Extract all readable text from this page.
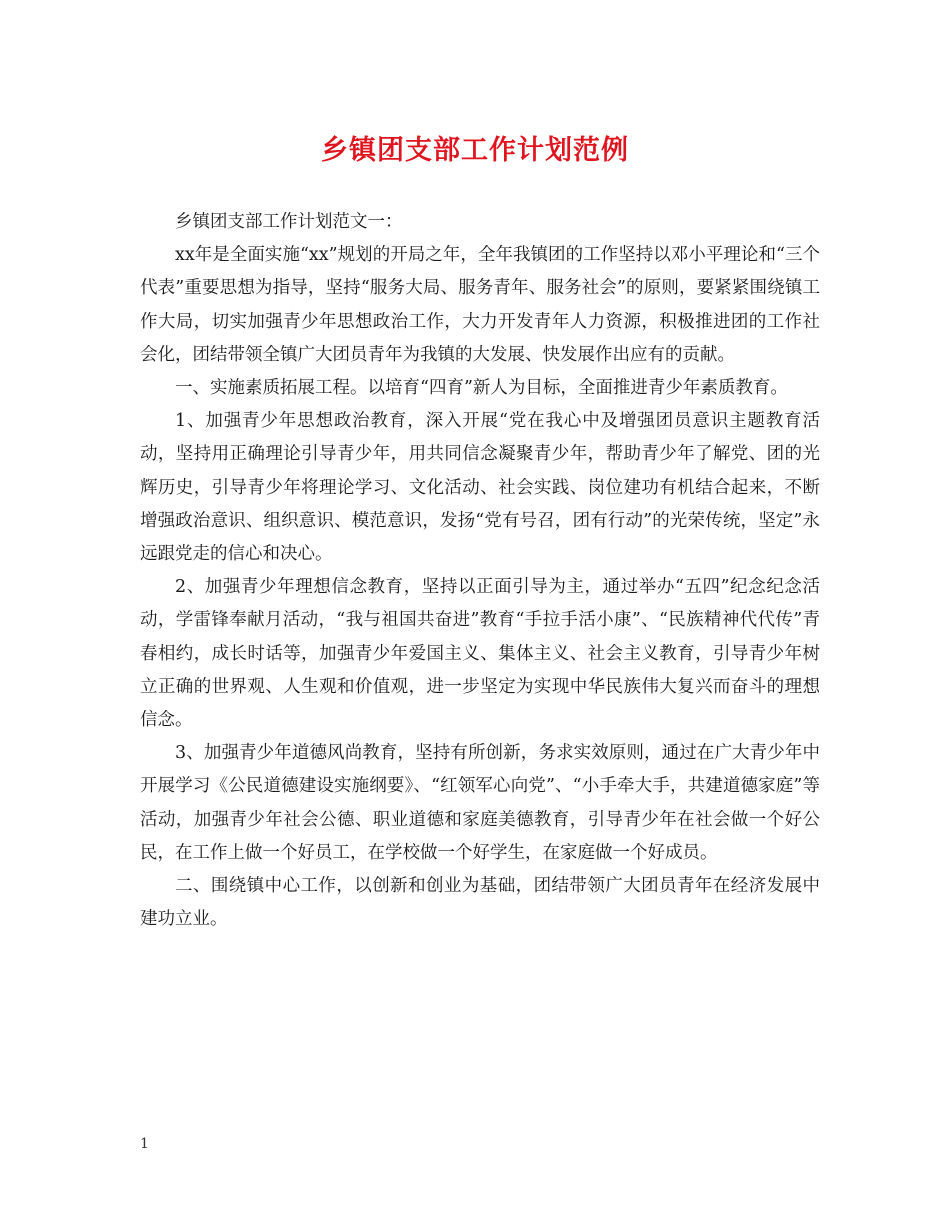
乡镇团支部工作计划范例

乡镇团支部工作计划范文一：

xx年是全面实施“xx”规划的开局之年，全年我镇团的工作坚持以邓小平理论和“三个代表”重要思想为指导，坚持“服务大局、服务青年、服务社会”的原则，要紧紧围绕镇工作大局，切实加强青少年思想政治工作，大力开发青年人力资源，积极推进团的工作社会化，团结带领全镇广大团员青年为我镇的大发展、快发展作出应有的贡献。

一、实施素质拓展工程。以培育“四育”新人为目标，全面推进青少年素质教育。

1、加强青少年思想政治教育，深入开展“党在我心中及增强团员意识主题教育活动，坚持用正确理论引导青少年，用共同信念凝聚青少年，帮助青少年了解党、团的光辉历史，引导青少年将理论学习、文化活动、社会实践、岗位建功有机结合起来，不断增强政治意识、组织意识、模范意识，发扬“党有号召，团有行动”的光荣传统，坚定”永远跟党走的信心和决心。

2、加强青少年理想信念教育，坚持以正面引导为主，通过举办“五四”纪念纪念活动，学雷锋奉献月活动，“我与祖国共奋进”教育“手拉手活小康”、“民族精神代代传”青春相约，成长时话等，加强青少年爱国主义、集体主义、社会主义教育，引导青少年树立正确的世界观、人生观和价值观，进一步坚定为实现中华民族伟大复兴而奋斗的理想信念。

3、加强青少年道德风尚教育，坚持有所创新，务求实效原则，通过在广大青少年中开展学习《公民道德建设实施纲要》、“红领军心向党”、“小手牵大手，共建道德家庭”等活动，加强青少年社会公德、职业道德和家庭美德教育，引导青少年在社会做一个好公民，在工作上做一个好员工，在学校做一个好学生，在家庭做一个好成员。

二、围绕镇中心工作，以创新和创业为基础，团结带领广大团员青年在经济发展中建功立业。

1
